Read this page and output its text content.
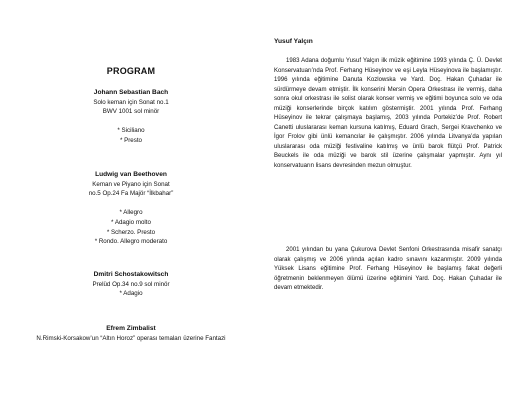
PROGRAM
Johann Sebastian Bach
Solo keman için Sonat no.1
BWV 1001 sol minör

* Siciliano
* Presto
Ludwig van Beethoven
Keman ve Piyano için Sonat
no.5 Op.24 Fa Majör “İlkbahar”

* Allegro
* Adagio molto
* Scherzo. Presto
* Rondo. Allegro moderato
Dmitri Schostakowitsch
Prelüd Op.34 no.9 sol minör
* Adagio
Efrem Zimbalist
N.Rimski-Korsakow’un “Altın Horoz” operası temaları üzerine Fantazi
Yusuf Yalçın
1983 Adana doğumlu Yusuf Yalçın ilk müzik eğitimine 1993 yılında Ç. Ü. Devlet Konservatuarı’nda Prof. Ferhang Hüseyinov ve eşi Leyla Hüseyinova ile başlamıştır. 1996 yılında eğitimine Danuta Kozlowska ve Yard. Doç. Hakan Çuhadar ile sürdürmeye devam etmiştir. İlk konserini Mersin Opera Orkestrası ile vermiş, daha sonra okul orkestrası ile solist olarak konser vermiş ve eğitimi boyunca solo ve oda müziği konserlerinde birçok katılım göstermiştir. 2001 yılında Prof. Ferhang Hüseyinov ile tekrar çalışmaya başlamış, 2003 yılında Portekiz’de Prof. Robert Canetti uluslararası keman kursuna katılmış, Eduard Grach, Sergei Kravchenko ve İgor Frolov gibi ünlü kemancılar ile çalışmıştır. 2006 yılında Litvanya’da yapılan uluslararası oda müziği festivaline katılmış ve ünlü barok flütçü Prof. Patrick Beuckels ile oda müziği ve barok stil üzerine çalışmalar yapmıştır. Aynı yıl konservatuarın lisans devresinden mezun olmuştur.
2001 yılından bu yana Çukurova Devlet Senfoni Orkestrasında misafir sanatçı olarak çalışmış ve 2006 yılında açılan kadro sınavını kazanmıştır. 2009 yılında Yüksek Lisans eğitimine Prof. Ferhang Hüseyinov ile başlamış fakat değerli öğretmenin beklenmeyen ölümü üzerine eğitimini Yard. Doç. Hakan Çuhadar ile devam etmektedir.
